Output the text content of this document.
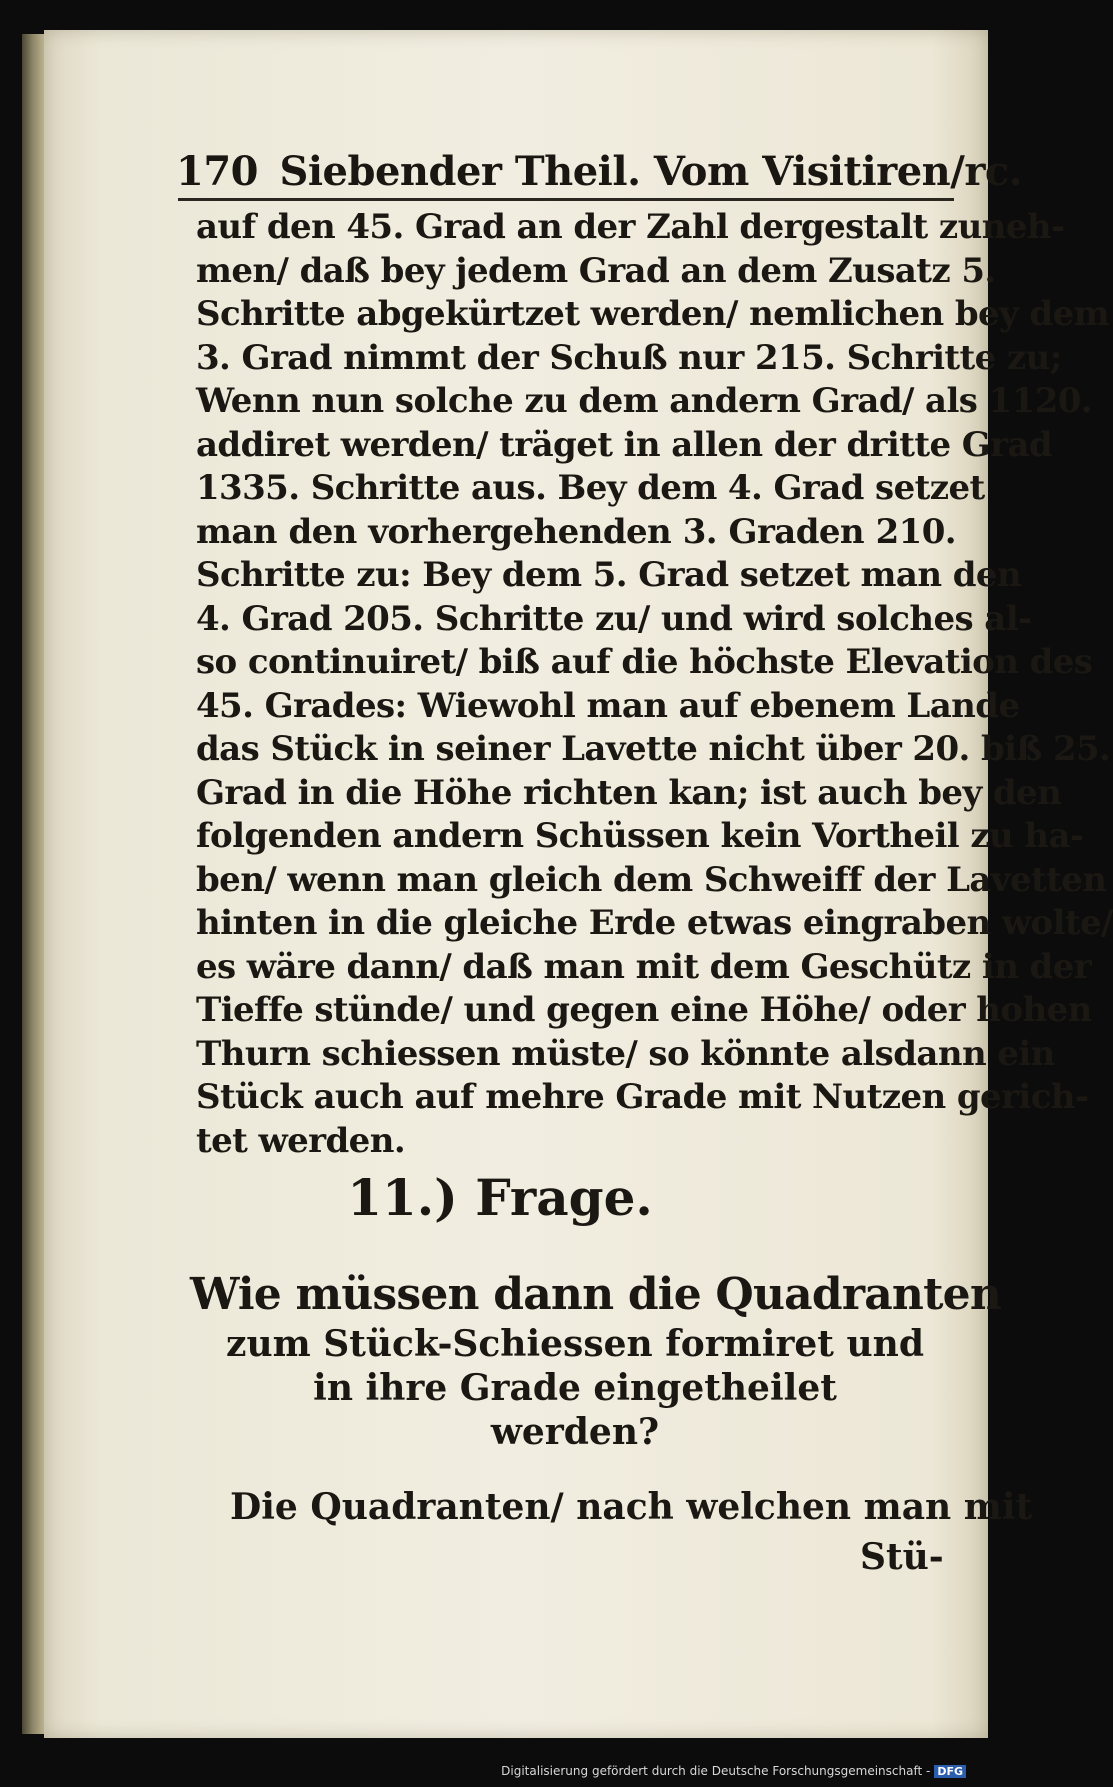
170 Siebender Theil. Vom Visitiren/rc.
auf den 45. Grad an der Zahl dergestalt zuneh-
men/ daß bey jedem Grad an dem Zusatz 5.
Schritte abgekürtzet werden/ nemlichen bey dem
3. Grad nimmt der Schuß nur 215. Schritte zu;
Wenn nun solche zu dem andern Grad/ als 1120.
addiret werden/ träget in allen der dritte Grad
1335. Schritte aus. Bey dem 4. Grad setzet
man den vorhergehenden 3. Graden 210.
Schritte zu: Bey dem 5. Grad setzet man den
4. Grad 205. Schritte zu/ und wird solches al-
so continuiret/ biß auf die höchste Elevation des
45. Grades: Wiewohl man auf ebenem Lande
das Stück in seiner Lavette nicht über 20. biß 25.
Grad in die Höhe richten kan; ist auch bey den
folgenden andern Schüssen kein Vortheil zu ha-
ben/ wenn man gleich dem Schweiff der Lavetten
hinten in die gleiche Erde etwas eingraben wolte/
es wäre dann/ daß man mit dem Geschütz in der
Tieffe stünde/ und gegen eine Höhe/ oder hohen
Thurn schiessen müste/ so könnte alsdann ein
Stück auch auf mehre Grade mit Nutzen gerich-
tet werden.
11.) Frage.
Wie müssen dann die Quadranten
zum Stück-Schiessen formiret und
in ihre Grade eingetheilet
werden?
Die Quadranten/ nach welchen man mit
Stü-
Digitalisierung gefördert durch die Deutsche Forschungsgemeinschaft - DFG
